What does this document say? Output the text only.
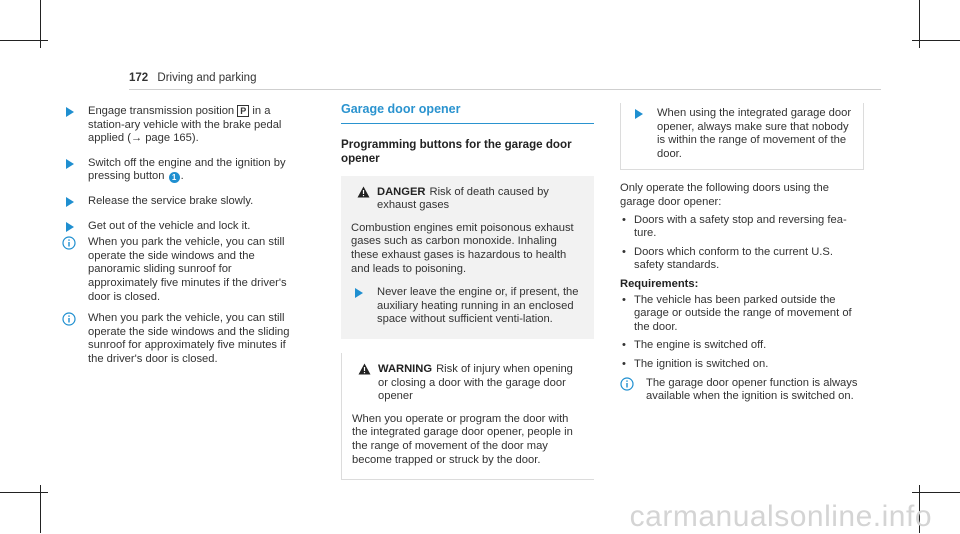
172 Driving and parking
Engage transmission position P in a station-ary vehicle with the brake pedal applied (→ page 165).
Switch off the engine and the ignition by pressing button 1 .
Release the service brake slowly.
Get out of the vehicle and lock it.
When you park the vehicle, you can still operate the side windows and the panoramic sliding sunroof for approximately five minutes if the driver's door is closed.
When you park the vehicle, you can still operate the side windows and the sliding sunroof for approximately five minutes if the driver's door is closed.
Garage door opener
Programming buttons for the garage door opener
DANGER Risk of death caused by exhaust gases
Combustion engines emit poisonous exhaust gases such as carbon monoxide. Inhaling these exhaust gases is hazardous to health and leads to poisoning.
Never leave the engine or, if present, the auxiliary heating running in an enclosed space without sufficient venti-lation.
WARNING Risk of injury when opening or closing a door with the garage door opener
When you operate or program the door with the integrated garage door opener, people in the range of movement of the door may become trapped or struck by the door.
When using the integrated garage door opener, always make sure that nobody is within the range of movement of the door.
Only operate the following doors using the garage door opener:
• Doors with a safety stop and reversing fea-ture.
• Doors which conform to the current U.S. safety standards.
Requirements:
• The vehicle has been parked outside the garage or outside the range of movement of the door.
• The engine is switched off.
• The ignition is switched on.
The garage door opener function is always available when the ignition is switched on.
carmanualsonline.info
